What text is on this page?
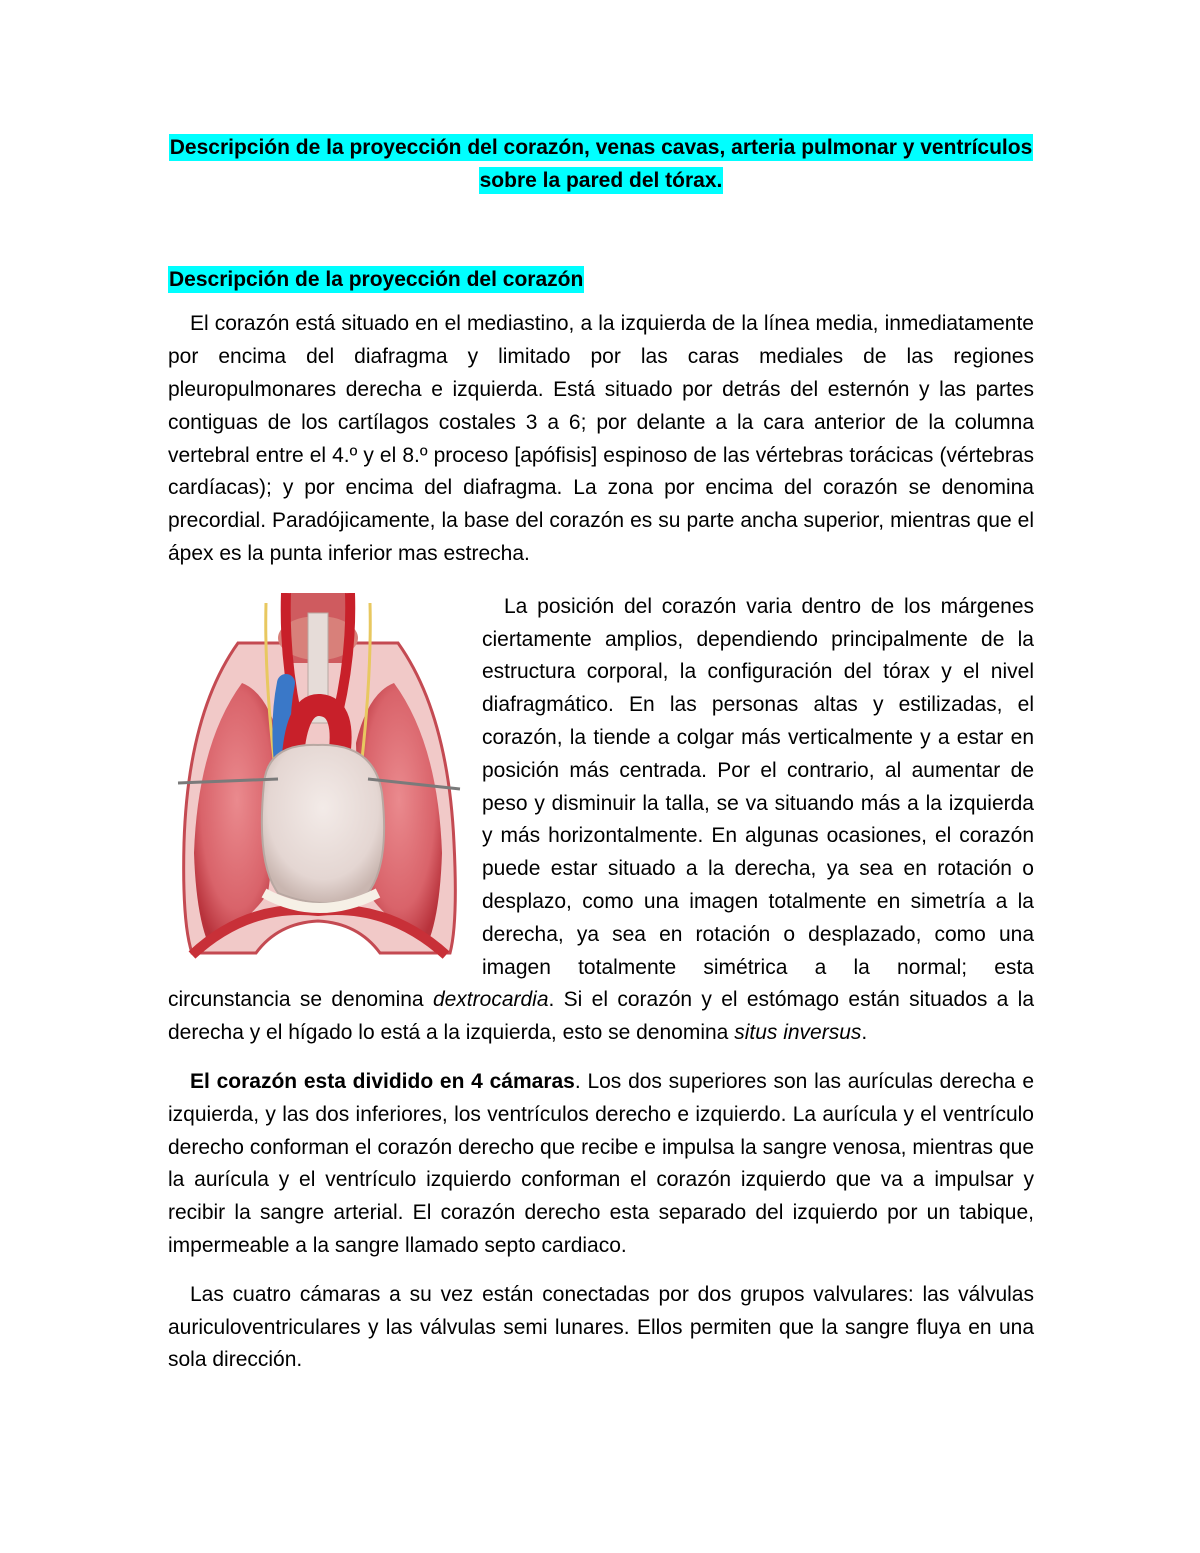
Descripción de la proyección del corazón, venas cavas, arteria pulmonar y ventrículos
sobre la pared del tórax.
Descripción de la proyección del corazón

El corazón está situado en el mediastino, a la izquierda de la línea media, inmediatamente por encima del diafragma y limitado por las caras mediales de las regiones pleuropulmonares derecha e izquierda. Está situado por detrás del esternón y las partes contiguas de los cartílagos costales 3 a 6; por delante a la cara anterior de la columna vertebral entre el 4.º y el 8.º proceso [apófisis] espinoso de las vértebras torácicas (vértebras cardíacas); y por encima del diafragma. La zona por encima del corazón se denomina precordial. Paradójicamente, la base del corazón es su parte ancha superior, mientras que el ápex es la punta inferior mas estrecha.

La posición del corazón varia dentro de los márgenes ciertamente amplios, dependiendo principalmente de la estructura corporal, la configuración del tórax y el nivel diafragmático. En las personas altas y estilizadas, el corazón, la tiende a colgar más verticalmente y a estar en posición más centrada. Por el contrario, al aumentar de peso y disminuir la talla, se va situando más a la izquierda y más horizontalmente. En algunas ocasiones, el corazón puede estar situado a la derecha, ya sea en rotación o desplazo, como una imagen totalmente en simetría a la derecha, ya sea en rotación o desplazado, como una imagen totalmente simétrica a la normal; esta circunstancia se denomina dextrocardia. Si el corazón y el estómago están situados a la derecha y el hígado lo está a la izquierda, esto se denomina situs inversus.

El corazón esta dividido en 4 cámaras. Los dos superiores son las aurículas derecha e izquierda, y las dos inferiores, los ventrículos derecho e izquierdo. La aurícula y el ventrículo derecho conforman el corazón derecho que recibe e impulsa la sangre venosa, mientras que la aurícula y el ventrículo izquierdo conforman el corazón izquierdo que va a impulsar y recibir la sangre arterial. El corazón derecho esta separado del izquierdo por un tabique, impermeable a la sangre llamado septo cardiaco.

Las cuatro cámaras a su vez están conectadas por dos grupos valvulares: las válvulas auriculoventriculares y las válvulas semi lunares. Ellos permiten que la sangre fluya en una sola dirección.
